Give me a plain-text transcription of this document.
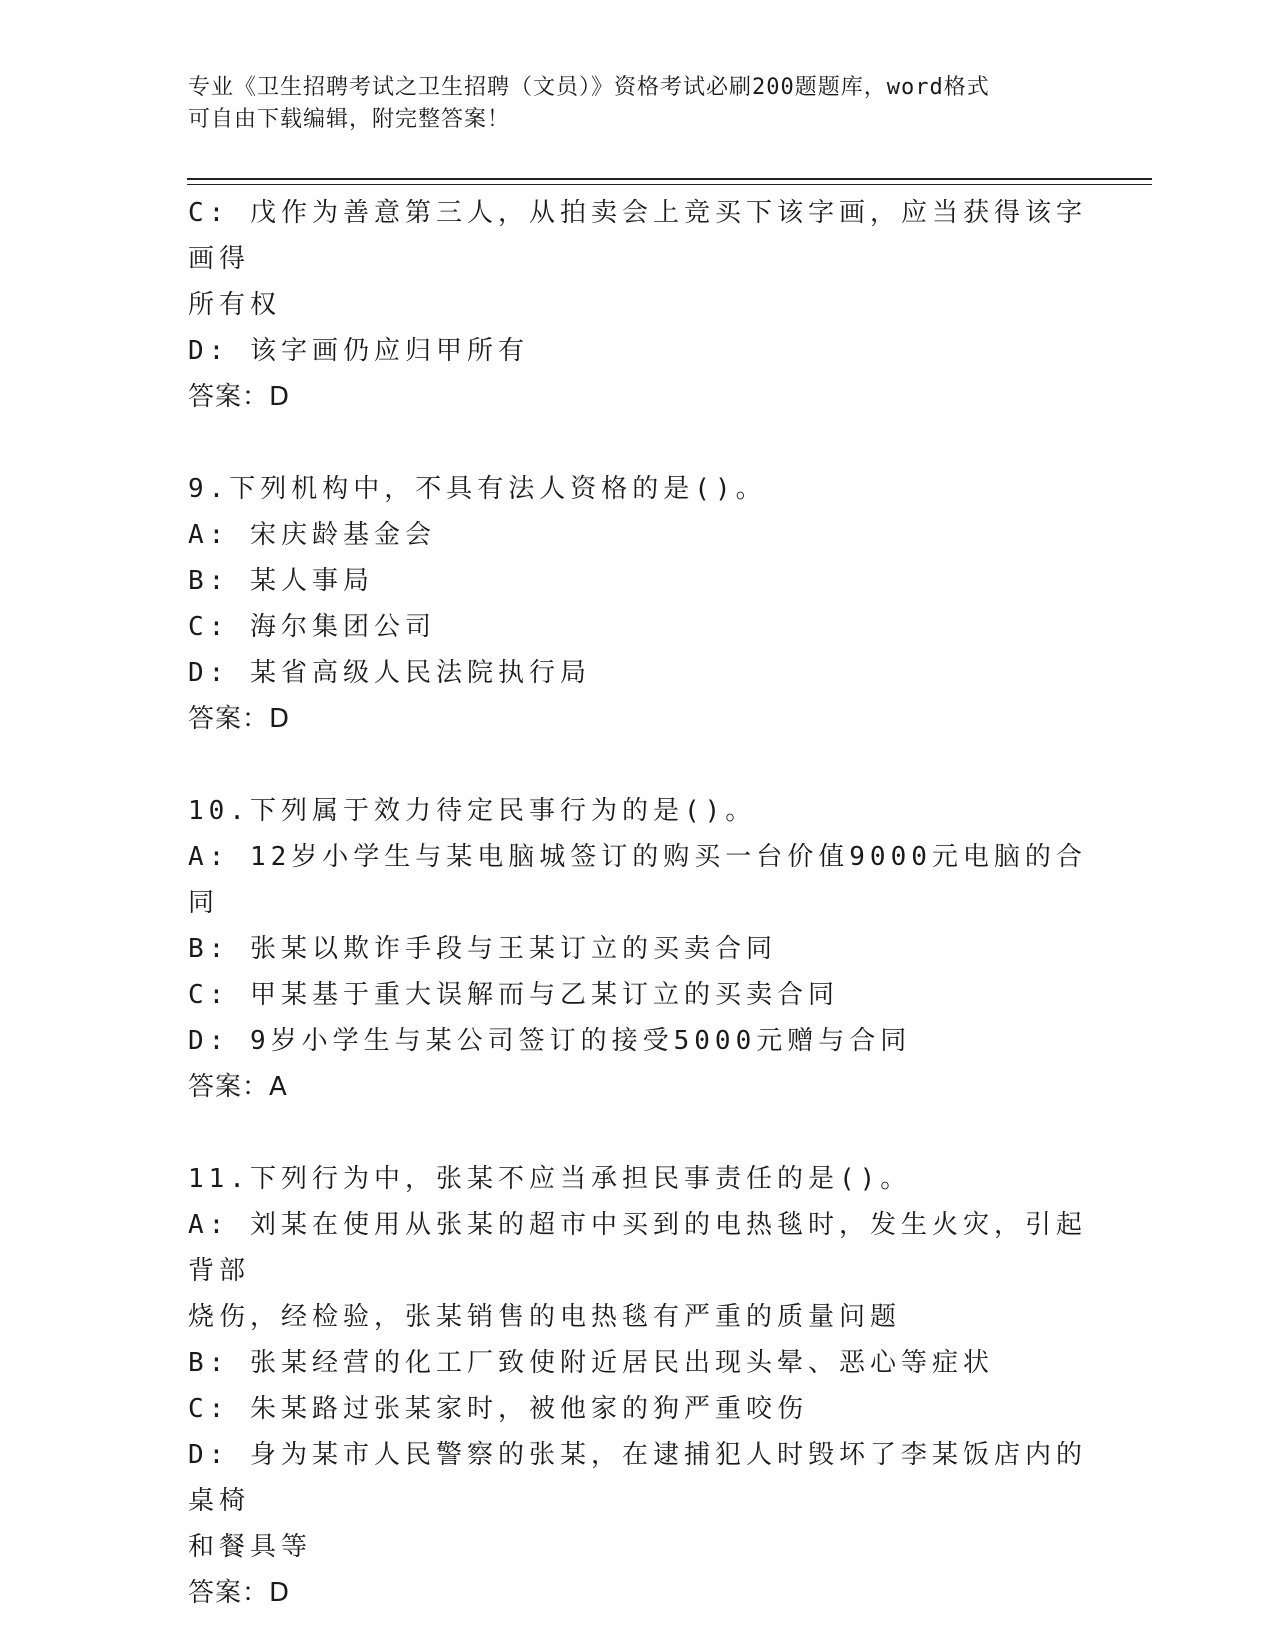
专业《卫生招聘考试之卫生招聘（文员）》资格考试必刷200题题库，word格式
可自由下载编辑，附完整答案！
C: 戊作为善意第三人，从拍卖会上竞买下该字画，应当获得该字画得
所有权
D: 该字画仍应归甲所有
答案：D
9.下列机构中，不具有法人资格的是()。
A: 宋庆龄基金会
B: 某人事局
C: 海尔集团公司
D: 某省高级人民法院执行局
答案：D
10.下列属于效力待定民事行为的是()。
A: 12岁小学生与某电脑城签订的购买一台价值9000元电脑的合同
B: 张某以欺诈手段与王某订立的买卖合同
C: 甲某基于重大误解而与乙某订立的买卖合同
D: 9岁小学生与某公司签订的接受5000元赠与合同
答案：A
11.下列行为中，张某不应当承担民事责任的是()。
A: 刘某在使用从张某的超市中买到的电热毯时，发生火灾，引起背部
烧伤，经检验，张某销售的电热毯有严重的质量问题
B: 张某经营的化工厂致使附近居民出现头晕、恶心等症状
C: 朱某路过张某家时，被他家的狗严重咬伤
D: 身为某市人民警察的张某，在逮捕犯人时毁坏了李某饭店内的桌椅
和餐具等
答案：D
